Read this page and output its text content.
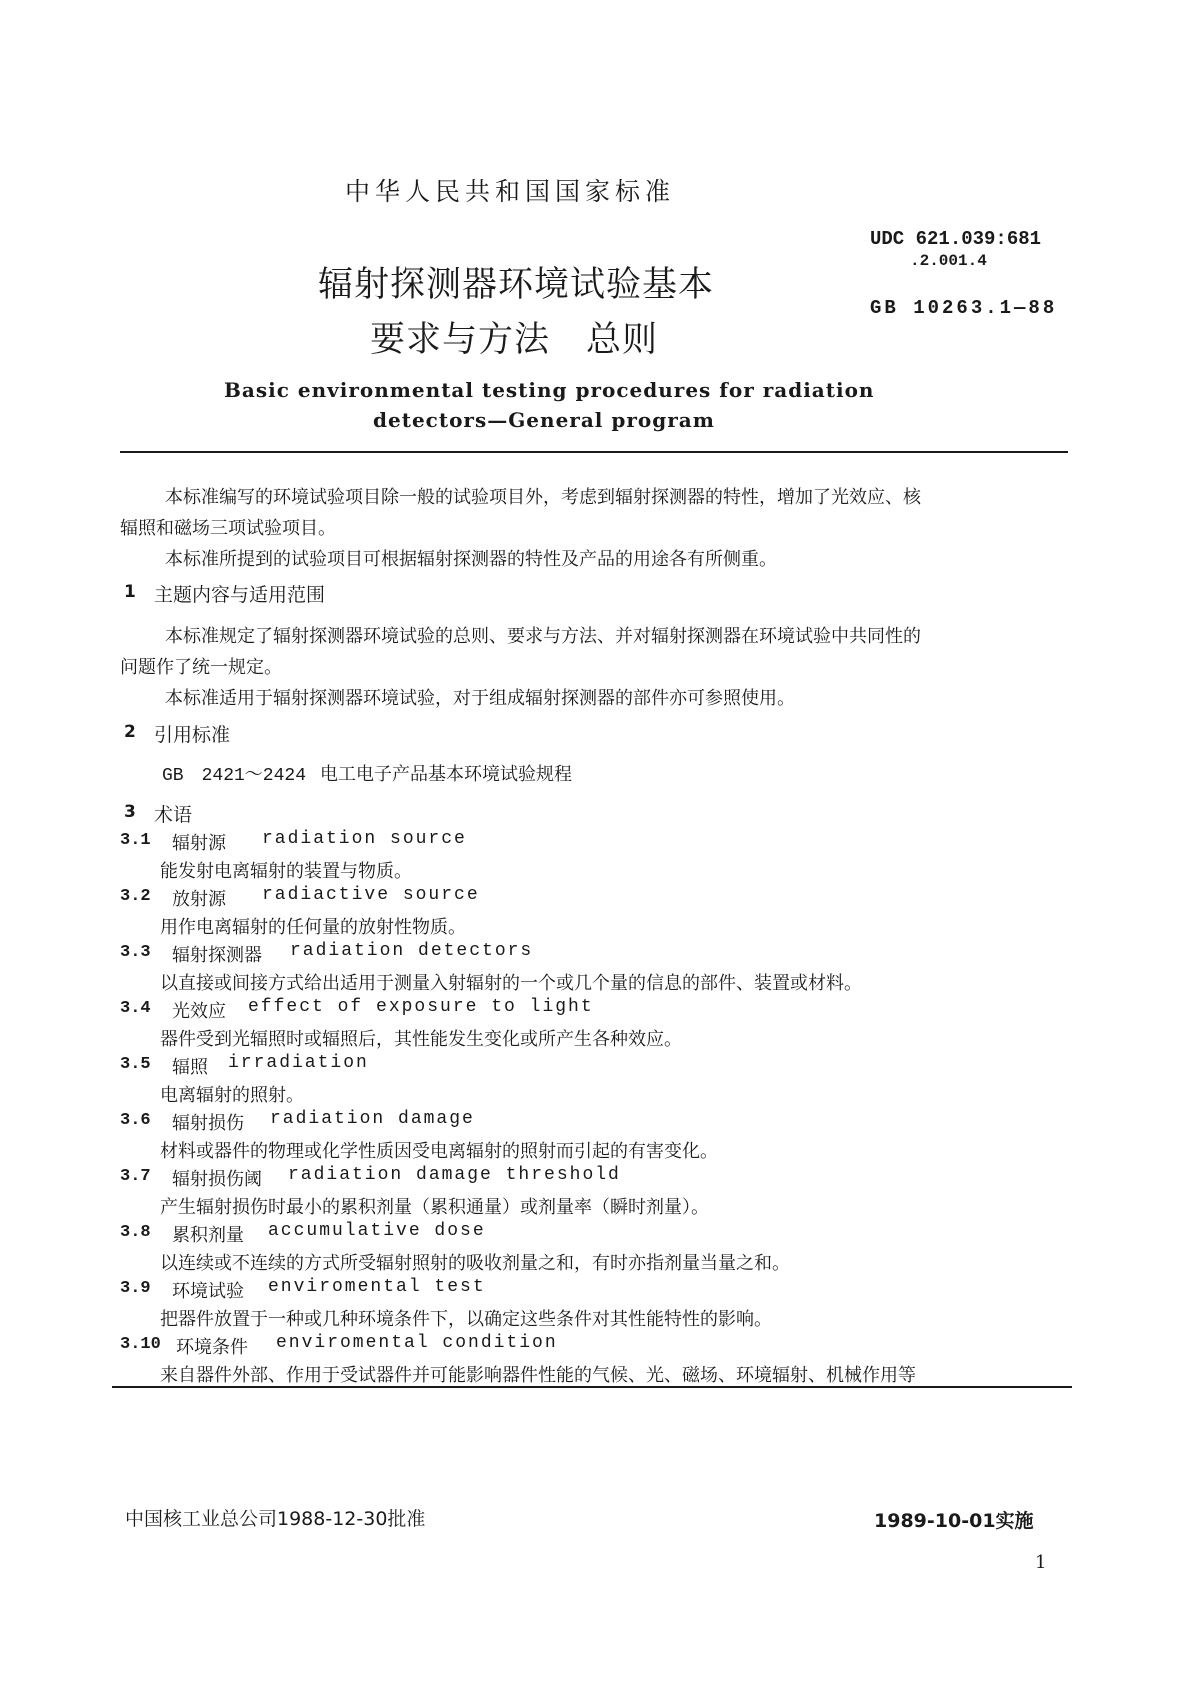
中华人民共和国国家标准
UDC 621.039:681
.2.001.4
GB 10263.1—88
辐射探测器环境试验基本
要求与方法　总则
Basic environmental testing procedures for radiation
detectors—General program
本标准编写的环境试验项目除一般的试验项目外，考虑到辐射探测器的特性，增加了光效应、核
辐照和磁场三项试验项目。
本标准所提到的试验项目可根据辐射探测器的特性及产品的用途各有所侧重。
1 主题内容与适用范围
本标准规定了辐射探测器环境试验的总则、要求与方法、并对辐射探测器在环境试验中共同性的
问题作了统一规定。
本标准适用于辐射探测器环境试验，对于组成辐射探测器的部件亦可参照使用。
2 引用标准
GB　2421～2424 电工电子产品基本环境试验规程
3 术语
3.1 辐射源 radiation source
能发射电离辐射的装置与物质。
3.2 放射源 radiactive source
用作电离辐射的任何量的放射性物质。
3.3 辐射探测器 radiation detectors
以直接或间接方式给出适用于测量入射辐射的一个或几个量的信息的部件、装置或材料。
3.4 光效应 effect of exposure to light
器件受到光辐照时或辐照后，其性能发生变化或所产生各种效应。
3.5 辐照 irradiation
电离辐射的照射。
3.6 辐射损伤 radiation damage
材料或器件的物理或化学性质因受电离辐射的照射而引起的有害变化。
3.7 辐射损伤阈 radiation damage threshold
产生辐射损伤时最小的累积剂量（累积通量）或剂量率（瞬时剂量）。
3.8 累积剂量 accumulative dose
以连续或不连续的方式所受辐射照射的吸收剂量之和，有时亦指剂量当量之和。
3.9 环境试验 enviromental test
把器件放置于一种或几种环境条件下，以确定这些条件对其性能特性的影响。
3.10 环境条件 enviromental condition
来自器件外部、作用于受试器件并可能影响器件性能的气候、光、磁场、环境辐射、机械作用等
中国核工业总公司1988-12-30批准	1989-10-01实施
1
